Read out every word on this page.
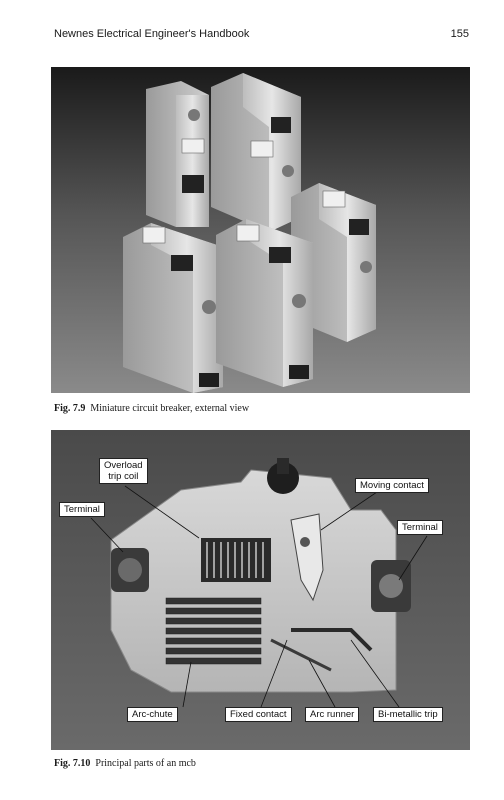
Newnes Electrical Engineer's Handbook	155
Fig. 7.9 Miniature circuit breaker, external view
Overload
trip coil
Terminal
Moving contact
Terminal
Arc-chute	Fixed contact	Arc runner	Bi-metallic trip
Fig. 7.10 Principal parts of an mcb
